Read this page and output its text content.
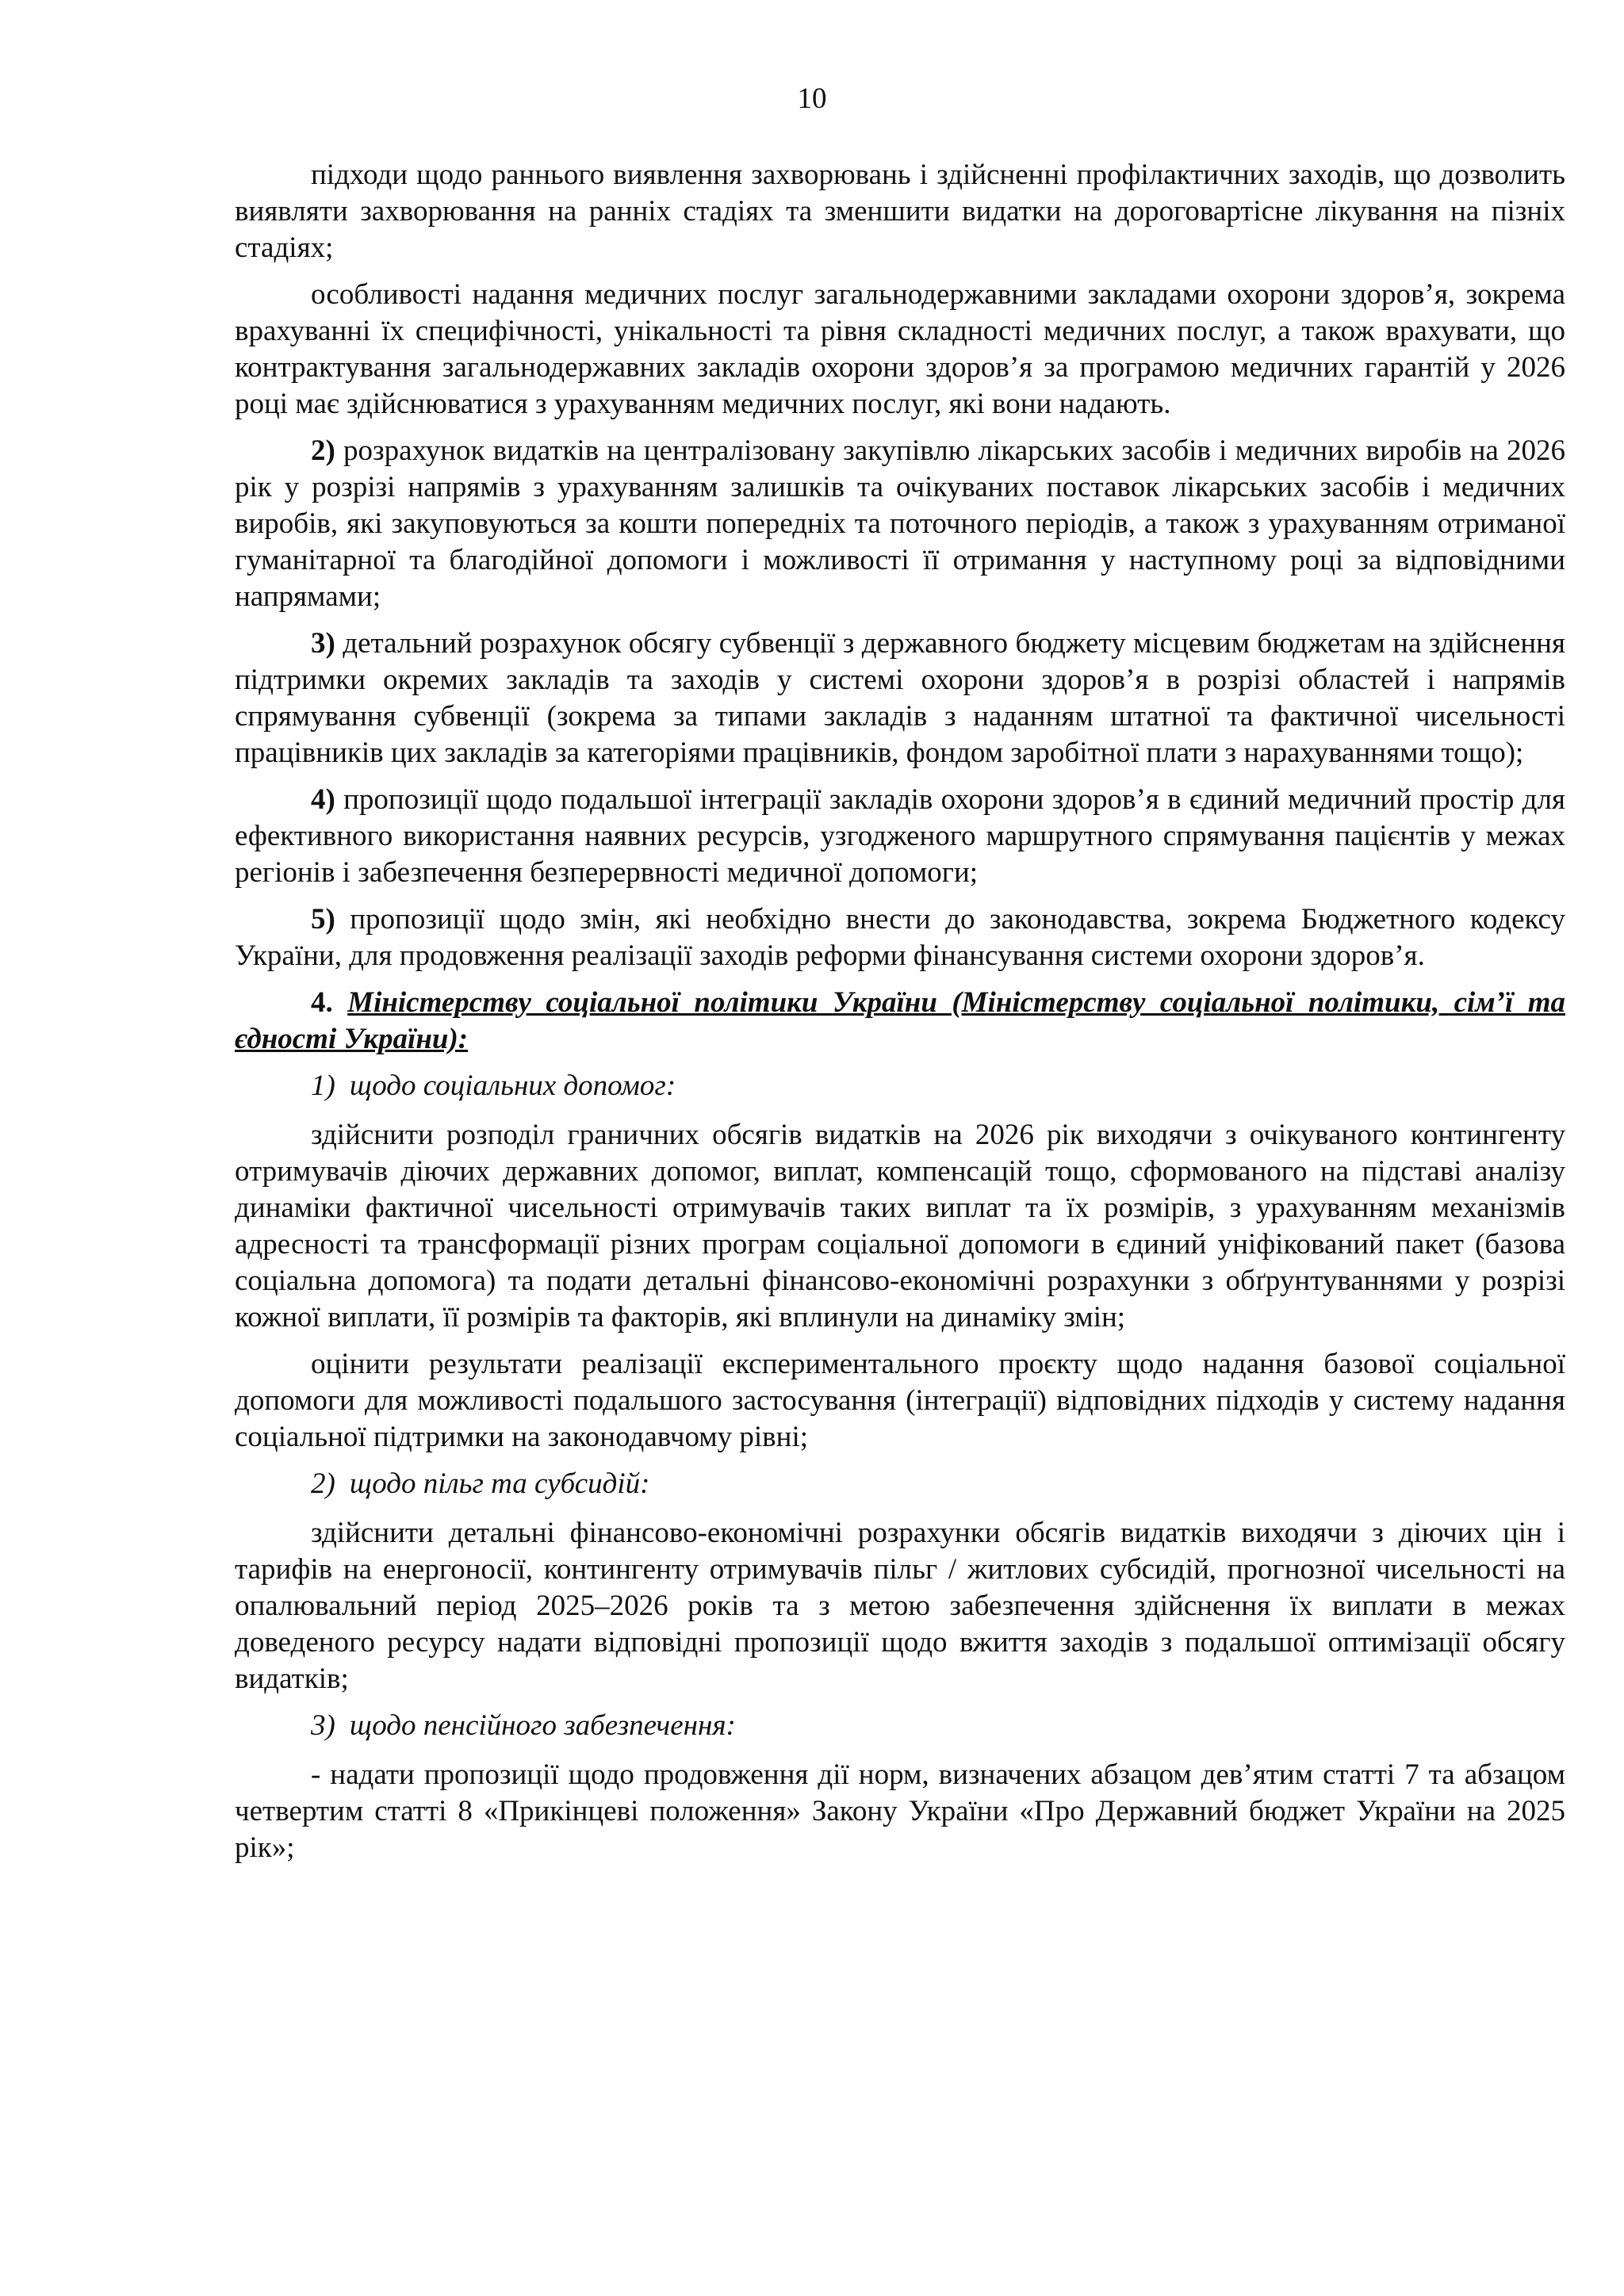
10

підходи щодо раннього виявлення захворювань і здійсненні профілактичних заходів, що дозволить виявляти захворювання на ранніх стадіях та зменшити видатки на дороговартісне лікування на пізніх стадіях;

особливості надання медичних послуг загальнодержавними закладами охорони здоров’я, зокрема врахуванні їх специфічності, унікальності та рівня складності медичних послуг, а також врахувати, що контрактування загальнодержавних закладів охорони здоров’я за програмою медичних гарантій у 2026 році має здійснюватися з урахуванням медичних послуг, які вони надають.

2) розрахунок видатків на централізовану закупівлю лікарських засобів і медичних виробів на 2026 рік у розрізі напрямів з урахуванням залишків та очікуваних поставок лікарських засобів і медичних виробів, які закуповуються за кошти попередніх та поточного періодів, а також з урахуванням отриманої гуманітарної та благодійної допомоги і можливості її отримання у наступному році за відповідними напрямами;

3) детальний розрахунок обсягу субвенції з державного бюджету місцевим бюджетам на здійснення підтримки окремих закладів та заходів у системі охорони здоров’я в розрізі областей і напрямів спрямування субвенції (зокрема за типами закладів з наданням штатної та фактичної чисельності працівників цих закладів за категоріями працівників, фондом заробітної плати з нарахуваннями тощо);

4) пропозиції щодо подальшої інтеграції закладів охорони здоров’я в єдиний медичний простір для ефективного використання наявних ресурсів, узгодженого маршрутного спрямування пацієнтів у межах регіонів і забезпечення безперервності медичної допомоги;

5) пропозиції щодо змін, які необхідно внести до законодавства, зокрема Бюджетного кодексу України, для продовження реалізації заходів реформи фінансування системи охорони здоров’я.

4. Міністерству соціальної політики України (Міністерству соціальної політики, сім’ї та єдності України):

1) щодо соціальних допомог:

здійснити розподіл граничних обсягів видатків на 2026 рік виходячи з очікуваного контингенту отримувачів діючих державних допомог, виплат, компенсацій тощо, сформованого на підставі аналізу динаміки фактичної чисельності отримувачів таких виплат та їх розмірів, з урахуванням механізмів адресності та трансформації різних програм соціальної допомоги в єдиний уніфікований пакет (базова соціальна допомога) та подати детальні фінансово-економічні розрахунки з обґрунтуваннями у розрізі кожної виплати, її розмірів та факторів, які вплинули на динаміку змін;

оцінити результати реалізації експериментального проєкту щодо надання базової соціальної допомоги для можливості подальшого застосування (інтеграції) відповідних підходів у систему надання соціальної підтримки на законодавчому рівні;

2) щодо пільг та субсидій:

здійснити детальні фінансово-економічні розрахунки обсягів видатків виходячи з діючих цін і тарифів на енергоносії, контингенту отримувачів пільг / житлових субсидій, прогнозної чисельності на опалювальний період 2025–2026 років та з метою забезпечення здійснення їх виплати в межах доведеного ресурсу надати відповідні пропозиції щодо вжиття заходів з подальшої оптимізації обсягу видатків;

3) щодо пенсійного забезпечення:

- надати пропозиції щодо продовження дії норм, визначених абзацом дев’ятим статті 7 та абзацом четвертим статті 8 «Прикінцеві положення» Закону України «Про Державний бюджет України на 2025 рік»;
